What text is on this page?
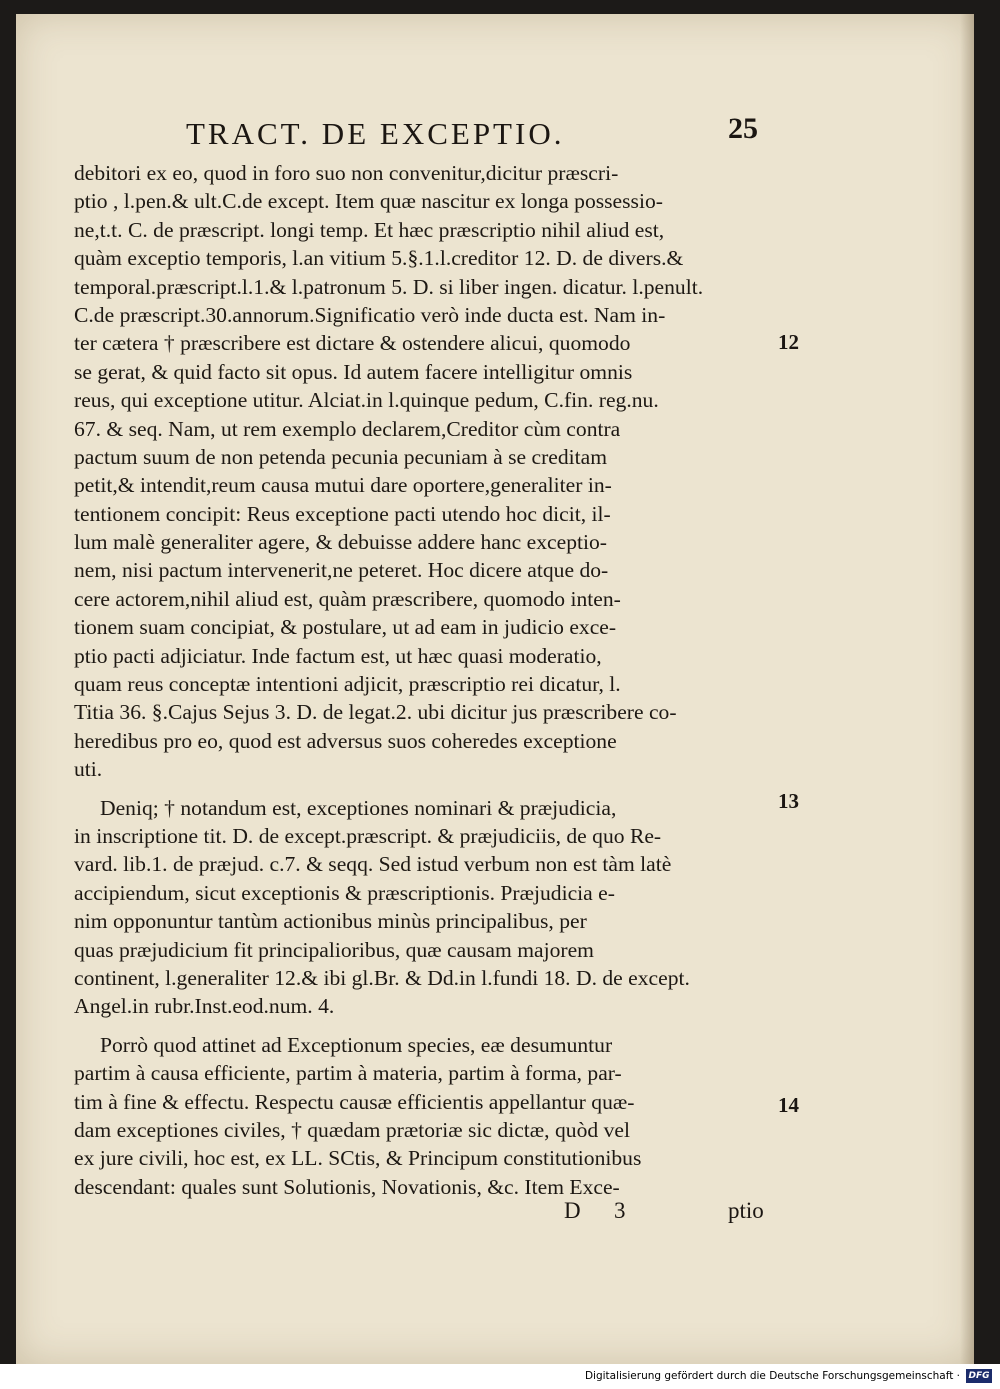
TRACT. DE EXCEPTIO.	25
debitori ex eo, quod in foro suo non convenitur,dicitur præscri-
ptio , l.pen.& ult.C.de except. Item quæ nascitur ex longa possessio-
ne,t.t. C. de præscript. longi temp. Et hæc præscriptio nihil aliud est,
quàm exceptio temporis, l.an vitium 5.§.1.l.creditor 12. D. de divers.&
temporal.præscript.l.1.& l.patronum 5. D. si liber ingen. dicatur. l.penult.
C.de præscript.30.annorum.Significatio verò inde ducta est. Nam in-
ter cætera † præscribere est dictare & ostendere alicui, quomodo
se gerat, & quid facto sit opus. Id autem facere intelligitur omnis
reus, qui exceptione utitur. Alciat.in l.quinque pedum, C.fin. reg.nu.
67. & seq. Nam, ut rem exemplo declarem,Creditor cùm contra
pactum suum de non petenda pecunia pecuniam à se creditam
petit,& intendit,reum causa mutui dare oportere,generaliter in-
tentionem concipit: Reus exceptione pacti utendo hoc dicit, il-
lum malè generaliter agere, & debuisse addere hanc exceptio-
nem, nisi pactum intervenerit,ne peteret. Hoc dicere atque do-
cere actorem,nihil aliud est, quàm præscribere, quomodo inten-
tionem suam concipiat, & postulare, ut ad eam in judicio exce-
ptio pacti adjiciatur. Inde factum est, ut hæc quasi moderatio,
quam reus conceptæ intentioni adjicit, præscriptio rei dicatur, l.
Titia 36. §.Cajus Sejus 3. D. de legat.2. ubi dicitur jus præscribere co-
heredibus pro eo, quod est adversus suos coheredes exceptione
uti.
Deniq; † notandum est, exceptiones nominari & præjudicia,
in inscriptione tit. D. de except.præscript. & præjudiciis, de quo Re-
vard. lib.1. de præjud. c.7. & seqq. Sed istud verbum non est tàm latè
accipiendum, sicut exceptionis & præscriptionis. Præjudicia e-
nim opponuntur tantùm actionibus minùs principalibus, per
quas præjudicium fit principalioribus, quæ causam majorem
continent, l.generaliter 12.& ibi gl.Br. & Dd.in l.fundi 18. D. de except.
Angel.in rubr.Inst.eod.num. 4.
Porrò quod attinet ad Exceptionum species, eæ desumuntur
partim à causa efficiente, partim à materia, partim à forma, par-
tim à fine & effectu. Respectu causæ efficientis appellantur quæ-
dam exceptiones civiles, † quædam prætoriæ sic dictæ, quòd vel
ex jure civili, hoc est, ex LL. SCtis, & Principum constitutionibus
descendant: quales sunt Solutionis, Novationis, &c. Item Exce-
12
13
14
D 3	ptio
Digitalisierung gefördert durch die Deutsche Forschungsgemeinschaft · DFG
